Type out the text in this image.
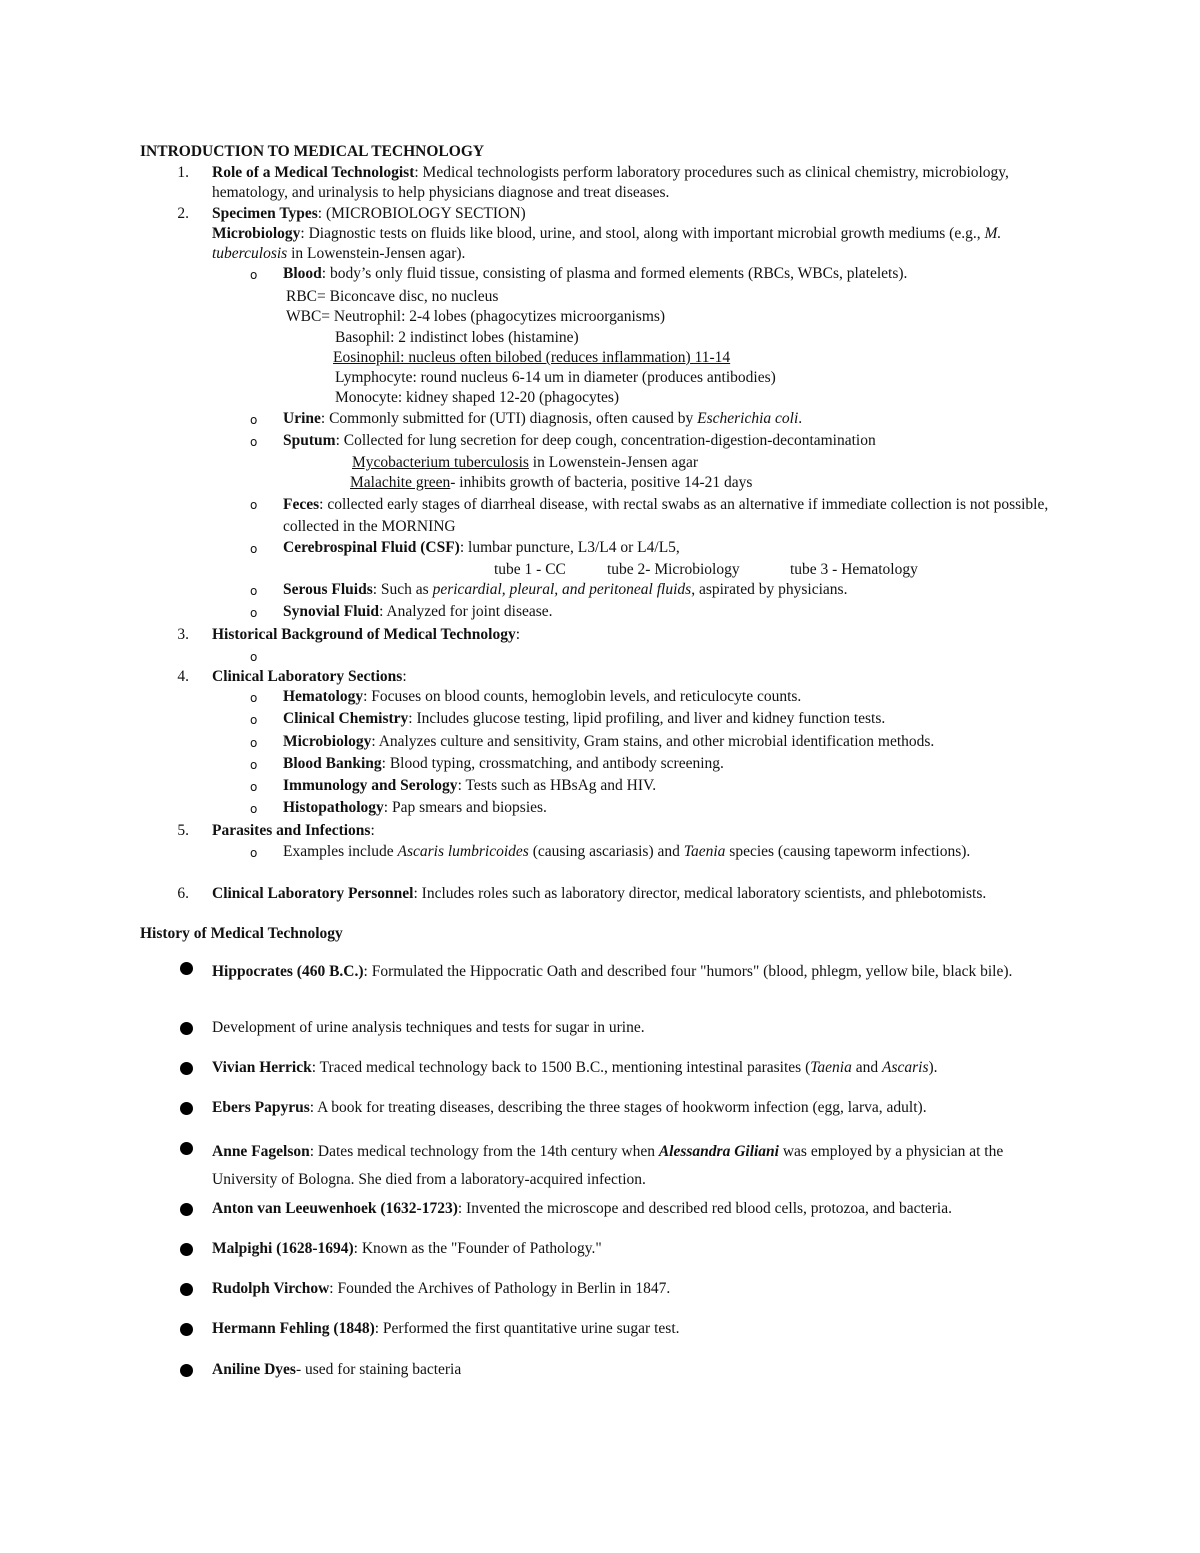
INTRODUCTION TO MEDICAL TECHNOLOGY
1. Role of a Medical Technologist: Medical technologists perform laboratory procedures such as clinical chemistry, microbiology, hematology, and urinalysis to help physicians diagnose and treat diseases.
2. Specimen Types: (MICROBIOLOGY SECTION)
Microbiology: Diagnostic tests on fluids like blood, urine, and stool, along with important microbial growth mediums (e.g., M. tuberculosis in Lowenstein-Jensen agar).
o Blood: body’s only fluid tissue, consisting of plasma and formed elements (RBCs, WBCs, platelets).
RBC= Biconcave disc, no nucleus
WBC= Neutrophil: 2-4 lobes (phagocytizes microorganisms)
Basophil: 2 indistinct lobes (histamine)
Eosinophil: nucleus often bilobed (reduces inflammation) 11-14
Lymphocyte: round nucleus 6-14 um in diameter (produces antibodies)
Monocyte: kidney shaped 12-20 (phagocytes)
o Urine: Commonly submitted for (UTI) diagnosis, often caused by Escherichia coli.
o Sputum: Collected for lung secretion for deep cough, concentration-digestion-decontamination
Mycobacterium tuberculosis in Lowenstein-Jensen agar
Malachite green- inhibits growth of bacteria, positive 14-21 days
o Feces: collected early stages of diarrheal disease, with rectal swabs as an alternative if immediate collection is not possible, collected in the MORNING
o Cerebrospinal Fluid (CSF): lumbar puncture, L3/L4 or L4/L5,
tube 1 - CC	tube 2- Microbiology	tube 3 - Hematology
o Serous Fluids: Such as pericardial, pleural, and peritoneal fluids, aspirated by physicians.
o Synovial Fluid: Analyzed for joint disease.
3. Historical Background of Medical Technology:
o
4. Clinical Laboratory Sections:
o Hematology: Focuses on blood counts, hemoglobin levels, and reticulocyte counts.
o Clinical Chemistry: Includes glucose testing, lipid profiling, and liver and kidney function tests.
o Microbiology: Analyzes culture and sensitivity, Gram stains, and other microbial identification methods.
o Blood Banking: Blood typing, crossmatching, and antibody screening.
o Immunology and Serology: Tests such as HBsAg and HIV.
o Histopathology: Pap smears and biopsies.
5. Parasites and Infections:
o Examples include Ascaris lumbricoides (causing ascariasis) and Taenia species (causing tapeworm infections).
6. Clinical Laboratory Personnel: Includes roles such as laboratory director, medical laboratory scientists, and phlebotomists.
History of Medical Technology
Hippocrates (460 B.C.): Formulated the Hippocratic Oath and described four "humors" (blood, phlegm, yellow bile, black bile).
Development of urine analysis techniques and tests for sugar in urine.
Vivian Herrick: Traced medical technology back to 1500 B.C., mentioning intestinal parasites (Taenia and Ascaris).
Ebers Papyrus: A book for treating diseases, describing the three stages of hookworm infection (egg, larva, adult).
Anne Fagelson: Dates medical technology from the 14th century when Alessandra Giliani was employed by a physician at the University of Bologna. She died from a laboratory-acquired infection.
Anton van Leeuwenhoek (1632-1723): Invented the microscope and described red blood cells, protozoa, and bacteria.
Malpighi (1628-1694): Known as the "Founder of Pathology."
Rudolph Virchow: Founded the Archives of Pathology in Berlin in 1847.
Hermann Fehling (1848): Performed the first quantitative urine sugar test.
Aniline Dyes- used for staining bacteria
